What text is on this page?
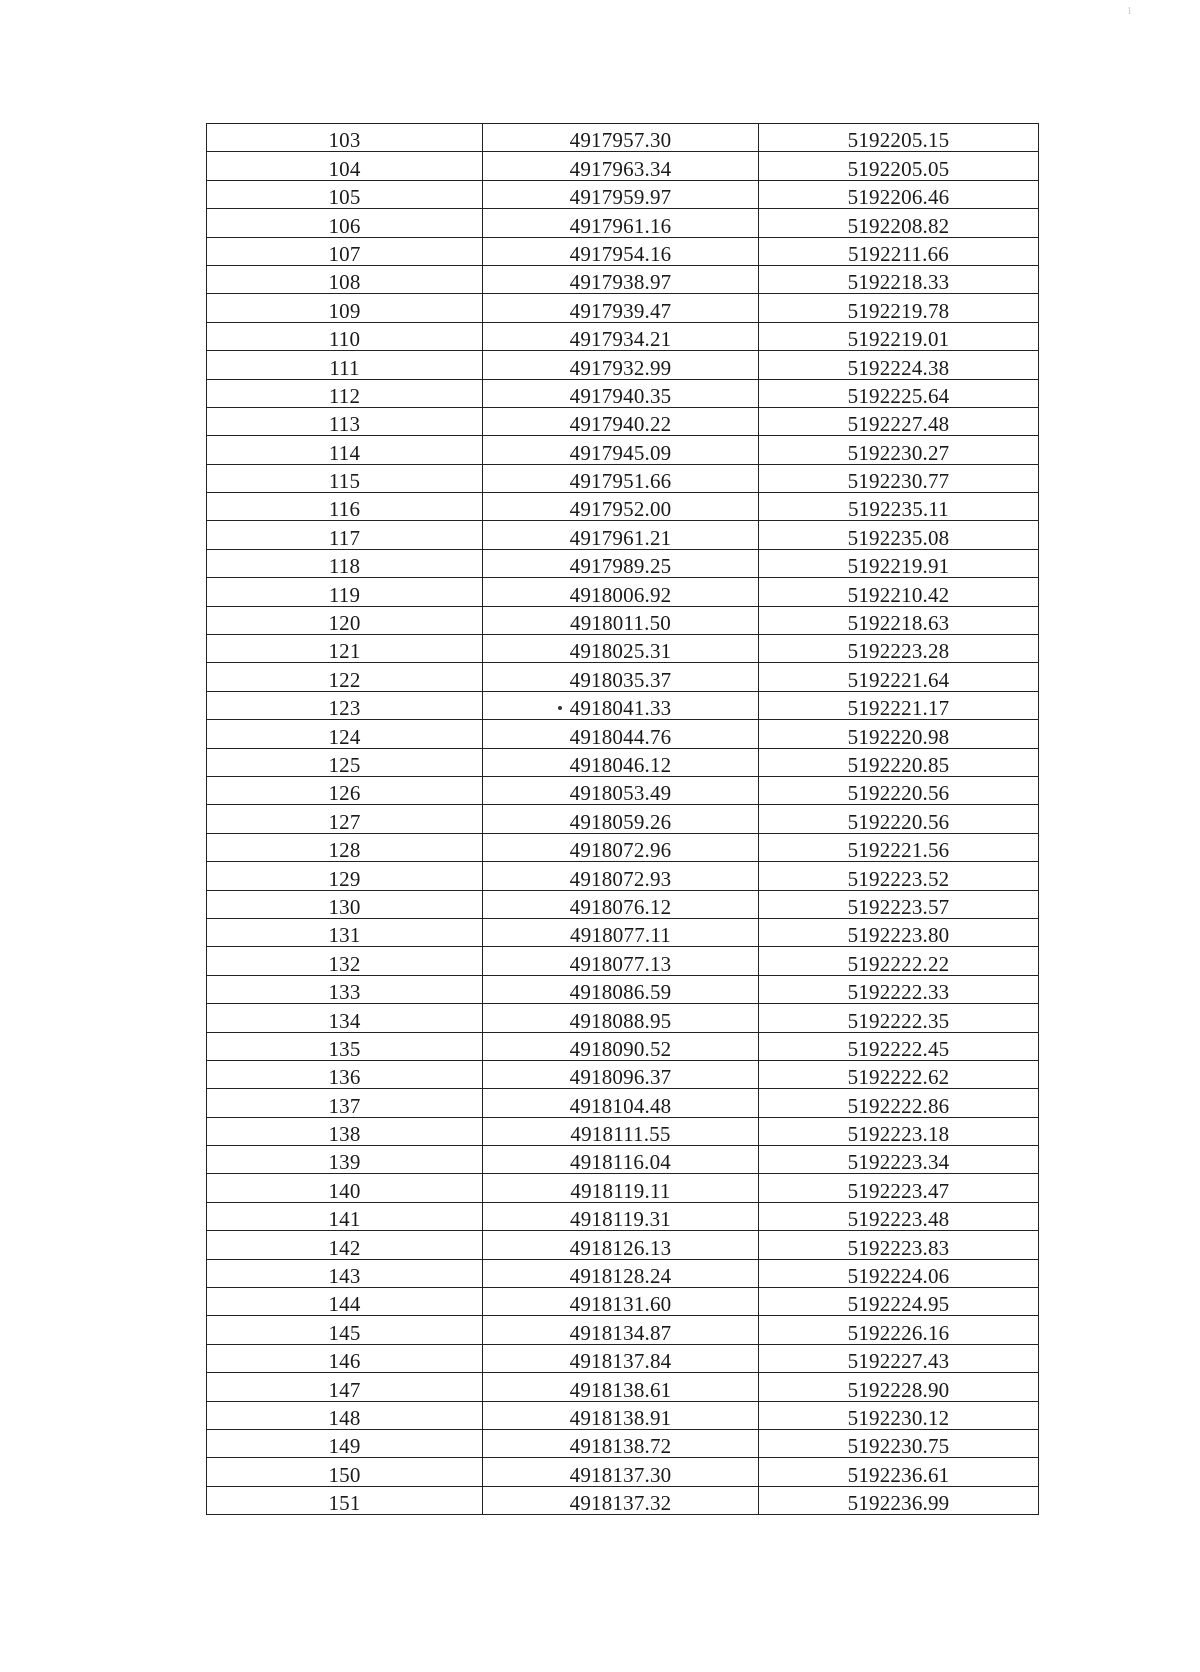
1
103	4917957.30	5192205.15
104	4917963.34	5192205.05
105	4917959.97	5192206.46
106	4917961.16	5192208.82
107	4917954.16	5192211.66
108	4917938.97	5192218.33
109	4917939.47	5192219.78
110	4917934.21	5192219.01
111	4917932.99	5192224.38
112	4917940.35	5192225.64
113	4917940.22	5192227.48
114	4917945.09	5192230.27
115	4917951.66	5192230.77
116	4917952.00	5192235.11
117	4917961.21	5192235.08
118	4917989.25	5192219.91
119	4918006.92	5192210.42
120	4918011.50	5192218.63
121	4918025.31	5192223.28
122	4918035.37	5192221.64
123	4918041.33	5192221.17
124	4918044.76	5192220.98
125	4918046.12	5192220.85
126	4918053.49	5192220.56
127	4918059.26	5192220.56
128	4918072.96	5192221.56
129	4918072.93	5192223.52
130	4918076.12	5192223.57
131	4918077.11	5192223.80
132	4918077.13	5192222.22
133	4918086.59	5192222.33
134	4918088.95	5192222.35
135	4918090.52	5192222.45
136	4918096.37	5192222.62
137	4918104.48	5192222.86
138	4918111.55	5192223.18
139	4918116.04	5192223.34
140	4918119.11	5192223.47
141	4918119.31	5192223.48
142	4918126.13	5192223.83
143	4918128.24	5192224.06
144	4918131.60	5192224.95
145	4918134.87	5192226.16
146	4918137.84	5192227.43
147	4918138.61	5192228.90
148	4918138.91	5192230.12
149	4918138.72	5192230.75
150	4918137.30	5192236.61
151	4918137.32	5192236.99
